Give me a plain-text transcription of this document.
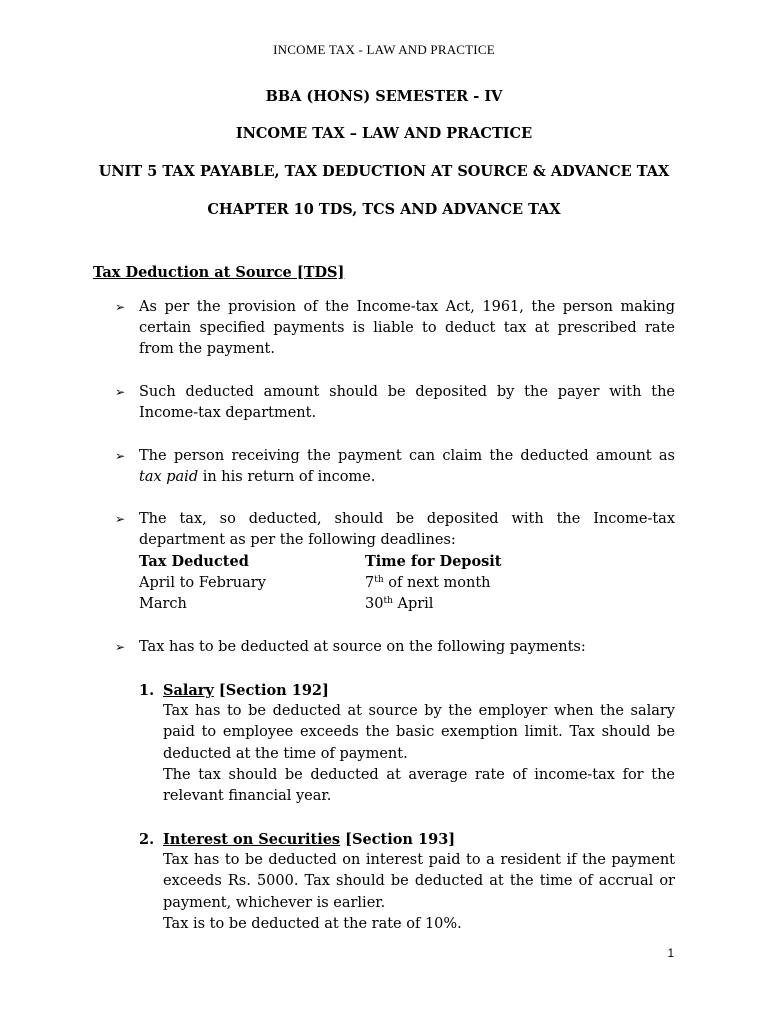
INCOME TAX - LAW AND PRACTICE
BBA (HONS) SEMESTER - IV
INCOME TAX – LAW AND PRACTICE
UNIT 5 TAX PAYABLE, TAX DEDUCTION AT SOURCE & ADVANCE TAX
CHAPTER 10 TDS, TCS AND ADVANCE TAX
Tax Deduction at Source [TDS]
➢ As per the provision of the Income-tax Act, 1961, the person making certain specified payments is liable to deduct tax at prescribed rate from the payment.
➢ Such deducted amount should be deposited by the payer with the Income-tax department.
➢ The person receiving the payment can claim the deducted amount as tax paid in his return of income.
➢ The tax, so deducted, should be deposited with the Income-tax department as per the following deadlines:
Tax Deducted	Time for Deposit
April to February	7th of next month
March	30th April
➢ Tax has to be deducted at source on the following payments:
1. Salary [Section 192]
Tax has to be deducted at source by the employer when the salary paid to employee exceeds the basic exemption limit. Tax should be deducted at the time of payment.
The tax should be deducted at average rate of income-tax for the relevant financial year.
2. Interest on Securities [Section 193]
Tax has to be deducted on interest paid to a resident if the payment exceeds Rs. 5000. Tax should be deducted at the time of accrual or payment, whichever is earlier.
Tax is to be deducted at the rate of 10%.
1
